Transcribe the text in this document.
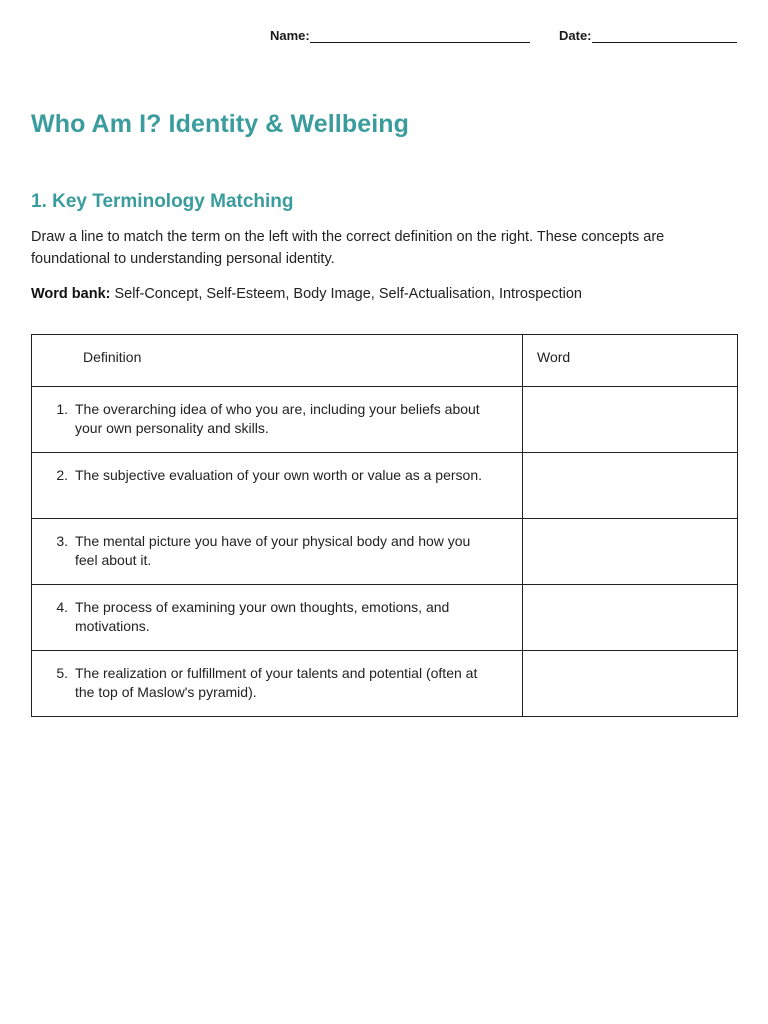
Name:	Date:
Who Am I? Identity & Wellbeing
1. Key Terminology Matching

Draw a line to match the term on the left with the correct definition on the right. These concepts are foundational to understanding personal identity.

Word bank: Self-Concept, Self-Esteem, Body Image, Self-Actualisation, Introspection

Definition	Word

1. The overarching idea of who you are, including your beliefs about your own personality and skills.	

2. The subjective evaluation of your own worth or value as a person.	

3. The mental picture you have of your physical body and how you feel about it.	

4. The process of examining your own thoughts, emotions, and motivations.	

5. The realization or fulfillment of your talents and potential (often at the top of Maslow's pyramid).	
